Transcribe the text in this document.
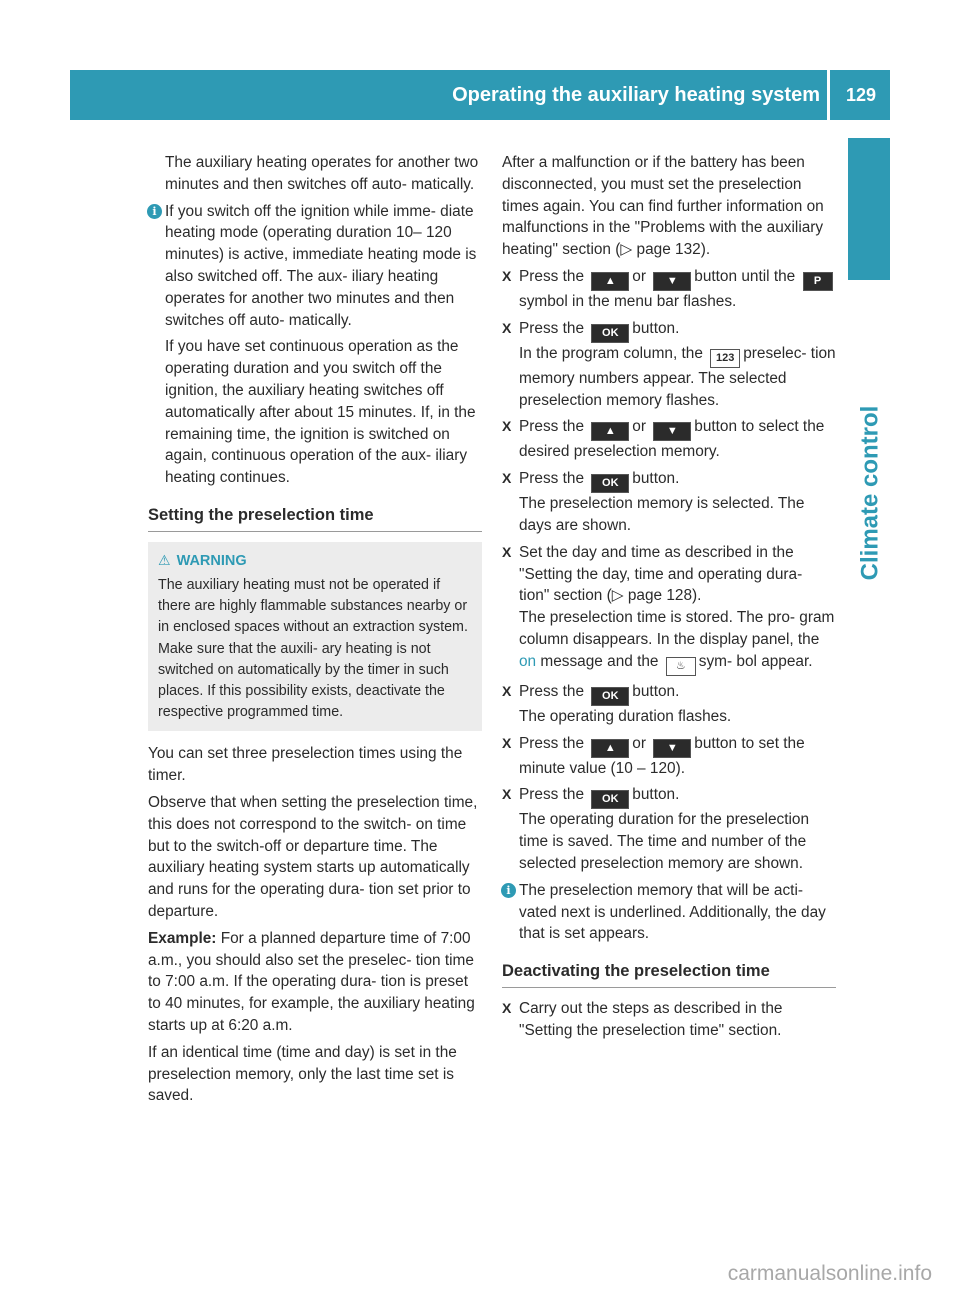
Operating the auxiliary heating system	129
Climate control

The auxiliary heating operates for another two minutes and then switches off auto- matically.

i If you switch off the ignition while imme- diate heating mode (operating duration 10– 120 minutes) is active, immediate heating mode is also switched off. The aux- iliary heating operates for another two minutes and then switches off auto- matically.

If you have set continuous operation as the operating duration and you switch off the ignition, the auxiliary heating switches off automatically after about 15 minutes. If, in the remaining time, the ignition is switched on again, continuous operation of the aux- iliary heating continues.

Setting the preselection time
⚠ WARNING
The auxiliary heating must not be operated if there are highly flammable substances nearby or in enclosed spaces without an extraction system. Make sure that the auxili- ary heating is not switched on automatically by the timer in such places. If this possibility exists, deactivate the respective programmed time.

You can set three preselection times using the timer.

Observe that when setting the preselection time, this does not correspond to the switch- on time but to the switch-off or departure time. The auxiliary heating system starts up automatically and runs for the operating dura- tion set prior to departure.

Example: For a planned departure time of 7:00 a.m., you should also set the preselec- tion time to 7:00 a.m. If the operating dura- tion is preset to 40 minutes, for example, the auxiliary heating starts up at 6:20 a.m.

If an identical time (time and day) is set in the preselection memory, only the last time set is saved.

After a malfunction or if the battery has been disconnected, you must set the preselection times again. You can find further information on malfunctions in the "Problems with the auxiliary heating" section (▷ page 132).

X Press the ▲ or ▼ button until the Psymbol in the menu bar flashes.
X Press the OK button.
In the program column, the 123 preselec- tion memory numbers appear. The selected preselection memory flashes.
X Press the ▲ or ▼ button to select the desired preselection memory.
X Press the OK button.
The preselection memory is selected. The days are shown.
X Set the day and time as described in the "Setting the day, time and operating dura- tion" section (▷ page 128).
The preselection time is stored. The pro- gram column disappears. In the display panel, the on message and the ♨ sym- bol appear.
X Press the OK button.
The operating duration flashes.
X Press the ▲ or ▼ button to set the minute value (10 – 120).
X Press the OK button.
The operating duration for the preselection time is saved. The time and number of the selected preselection memory are shown.
i The preselection memory that will be acti- vated next is underlined. Additionally, the day that is set appears.
Deactivating the preselection time
X Carry out the steps as described in the "Setting the preselection time" section.
carmanualsonline.info
